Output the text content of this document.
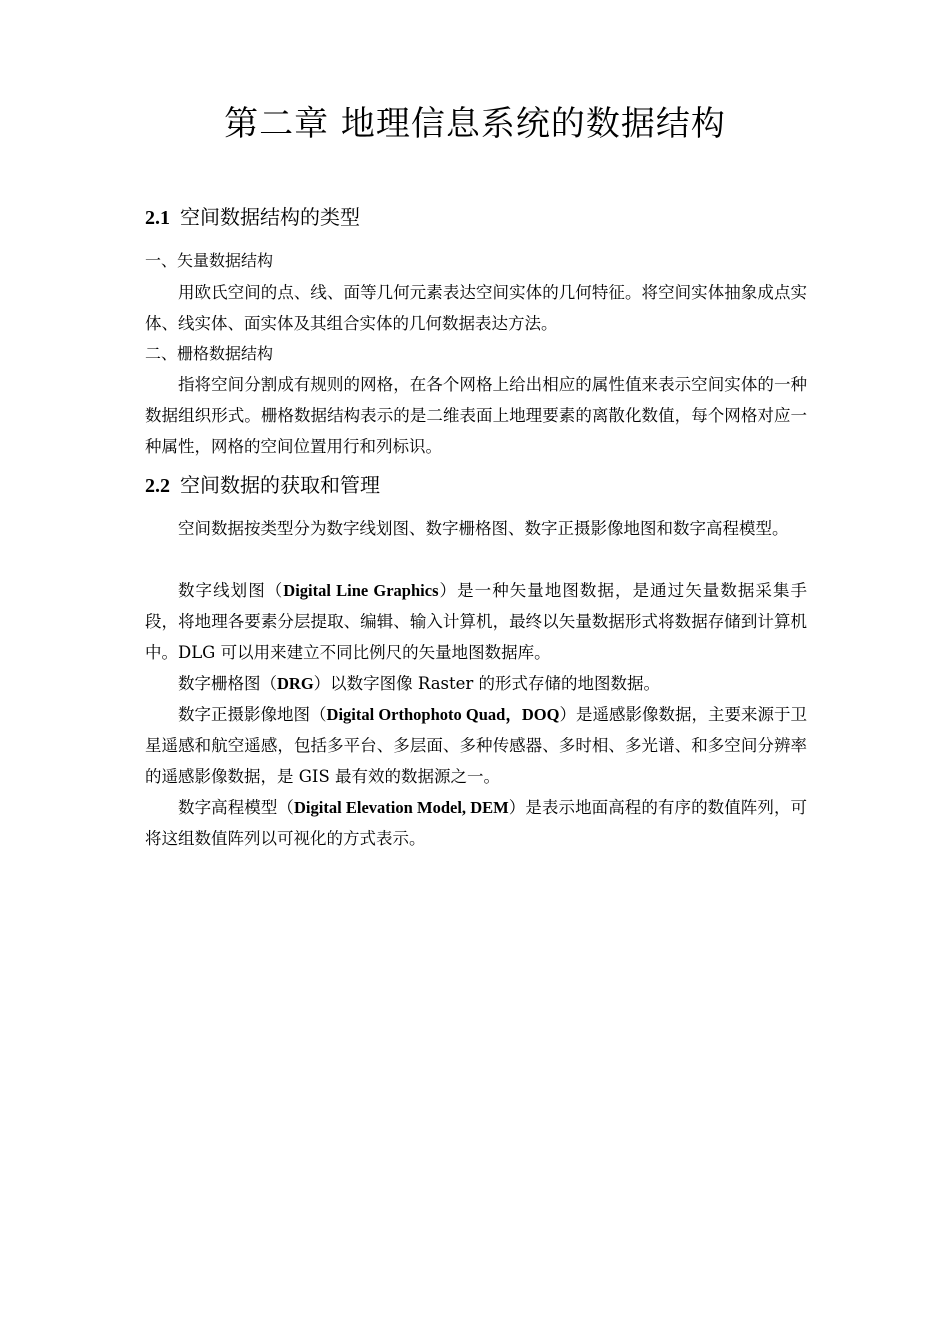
第二章 地理信息系统的数据结构
2.1 空间数据结构的类型
一、矢量数据结构

用欧氏空间的点、线、面等几何元素表达空间实体的几何特征。将空间实体抽象成点实体、线实体、面实体及其组合实体的几何数据表达方法。

二、栅格数据结构

指将空间分割成有规则的网格，在各个网格上给出相应的属性值来表示空间实体的一种数据组织形式。栅格数据结构表示的是二维表面上地理要素的离散化数值，每个网格对应一种属性，网格的空间位置用行和列标识。

2.2 空间数据的获取和管理

空间数据按类型分为数字线划图、数字栅格图、数字正摄影像地图和数字高程模型。

数字线划图（Digital Line Graphics）是一种矢量地图数据，是通过矢量数据采集手段，将地理各要素分层提取、编辑、输入计算机，最终以矢量数据形式将数据存储到计算机中。DLG 可以用来建立不同比例尺的矢量地图数据库。

数字栅格图（DRG）以数字图像 Raster 的形式存储的地图数据。

数字正摄影像地图（Digital Orthophoto Quad，DOQ）是遥感影像数据，主要来源于卫星遥感和航空遥感，包括多平台、多层面、多种传感器、多时相、多光谱、和多空间分辨率的遥感影像数据，是 GIS 最有效的数据源之一。

数字高程模型（Digital Elevation Model, DEM）是表示地面高程的有序的数值阵列，可将这组数值阵列以可视化的方式表示。
